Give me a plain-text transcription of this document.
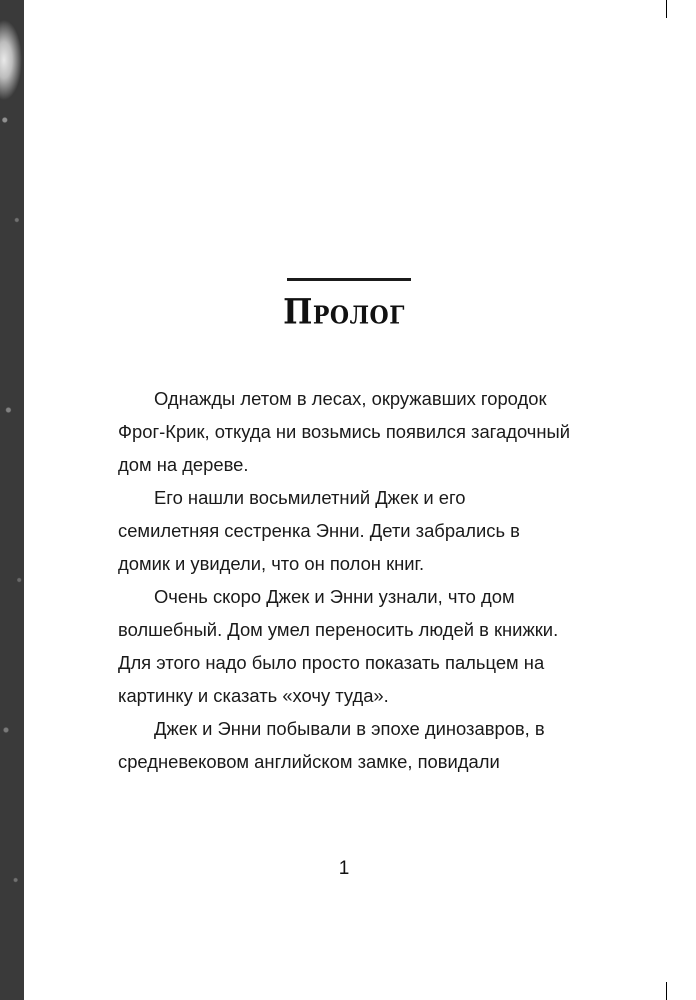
Пролог

Однажды летом в лесах, окружавших городок Фрог-Крик, откуда ни возьмись появился загадочный дом на дереве.

Его нашли восьмилетний Джек и его семилетняя сестренка Энни. Дети забрались в домик и увидели, что он полон книг.

Очень скоро Джек и Энни узнали, что дом волшебный. Дом умел переносить людей в книжки. Для этого надо было просто показать пальцем на картинку и сказать «хочу туда».

Джек и Энни побывали в эпохе динозавров, в средневековом английском замке, повидали

1
